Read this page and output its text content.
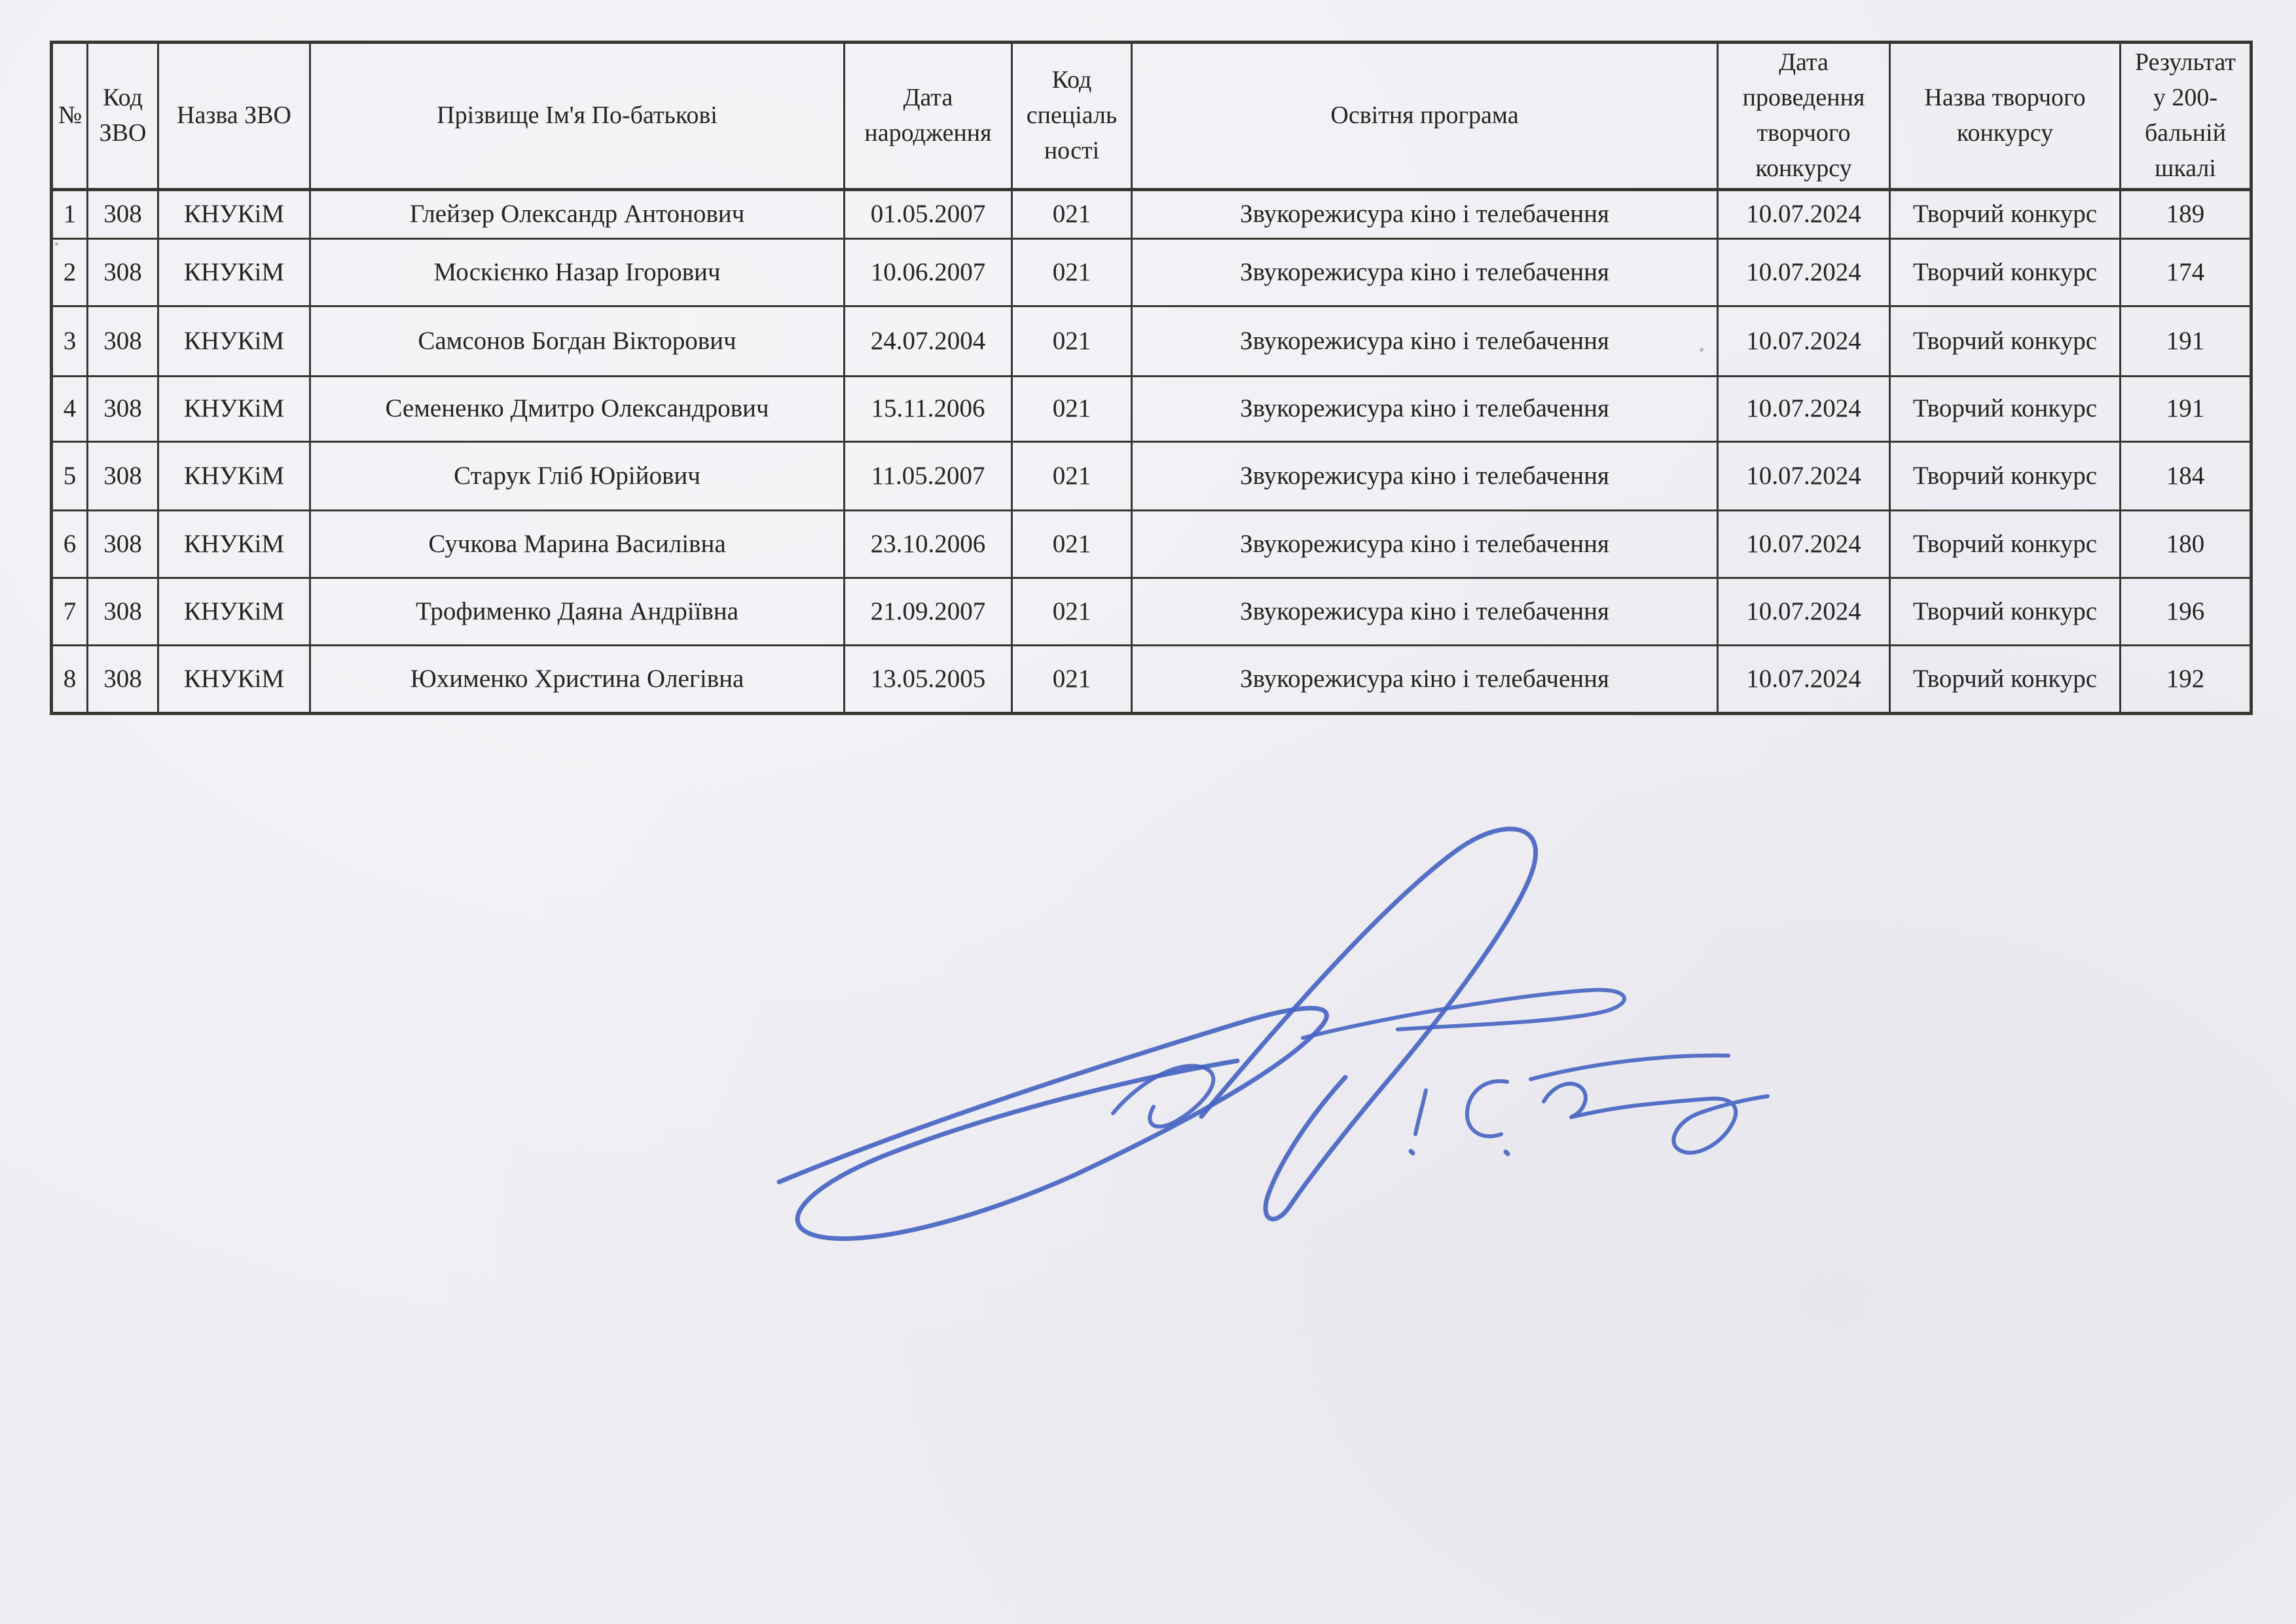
№	Код ЗВО	Назва ЗВО	Прізвище Ім'я По-батькові	Дата народження	Код спеціаль ності	Освітня програма	Дата проведення творчого конкурсу	Назва творчого конкурсу	Результат у 200- бальній шкалі
1	308	КНУКіМ	Глейзер Олександр Антонович	01.05.2007	021	Звукорежисура кіно і телебачення	10.07.2024	Творчий конкурс	189
2	308	КНУКіМ	Москієнко Назар Ігорович	10.06.2007	021	Звукорежисура кіно і телебачення	10.07.2024	Творчий конкурс	174
3	308	КНУКіМ	Самсонов Богдан Вікторович	24.07.2004	021	Звукорежисура кіно і телебачення	10.07.2024	Творчий конкурс	191
4	308	КНУКіМ	Семененко Дмитро Олександрович	15.11.2006	021	Звукорежисура кіно і телебачення	10.07.2024	Творчий конкурс	191
5	308	КНУКіМ	Старук Гліб Юрійович	11.05.2007	021	Звукорежисура кіно і телебачення	10.07.2024	Творчий конкурс	184
6	308	КНУКіМ	Сучкова Марина Василівна	23.10.2006	021	Звукорежисура кіно і телебачення	10.07.2024	Творчий конкурс	180
7	308	КНУКіМ	Трофименко Даяна Андріївна	21.09.2007	021	Звукорежисура кіно і телебачення	10.07.2024	Творчий конкурс	196
8	308	КНУКіМ	Юхименко Христина Олегівна	13.05.2005	021	Звукорежисура кіно і телебачення	10.07.2024	Творчий конкурс	192
